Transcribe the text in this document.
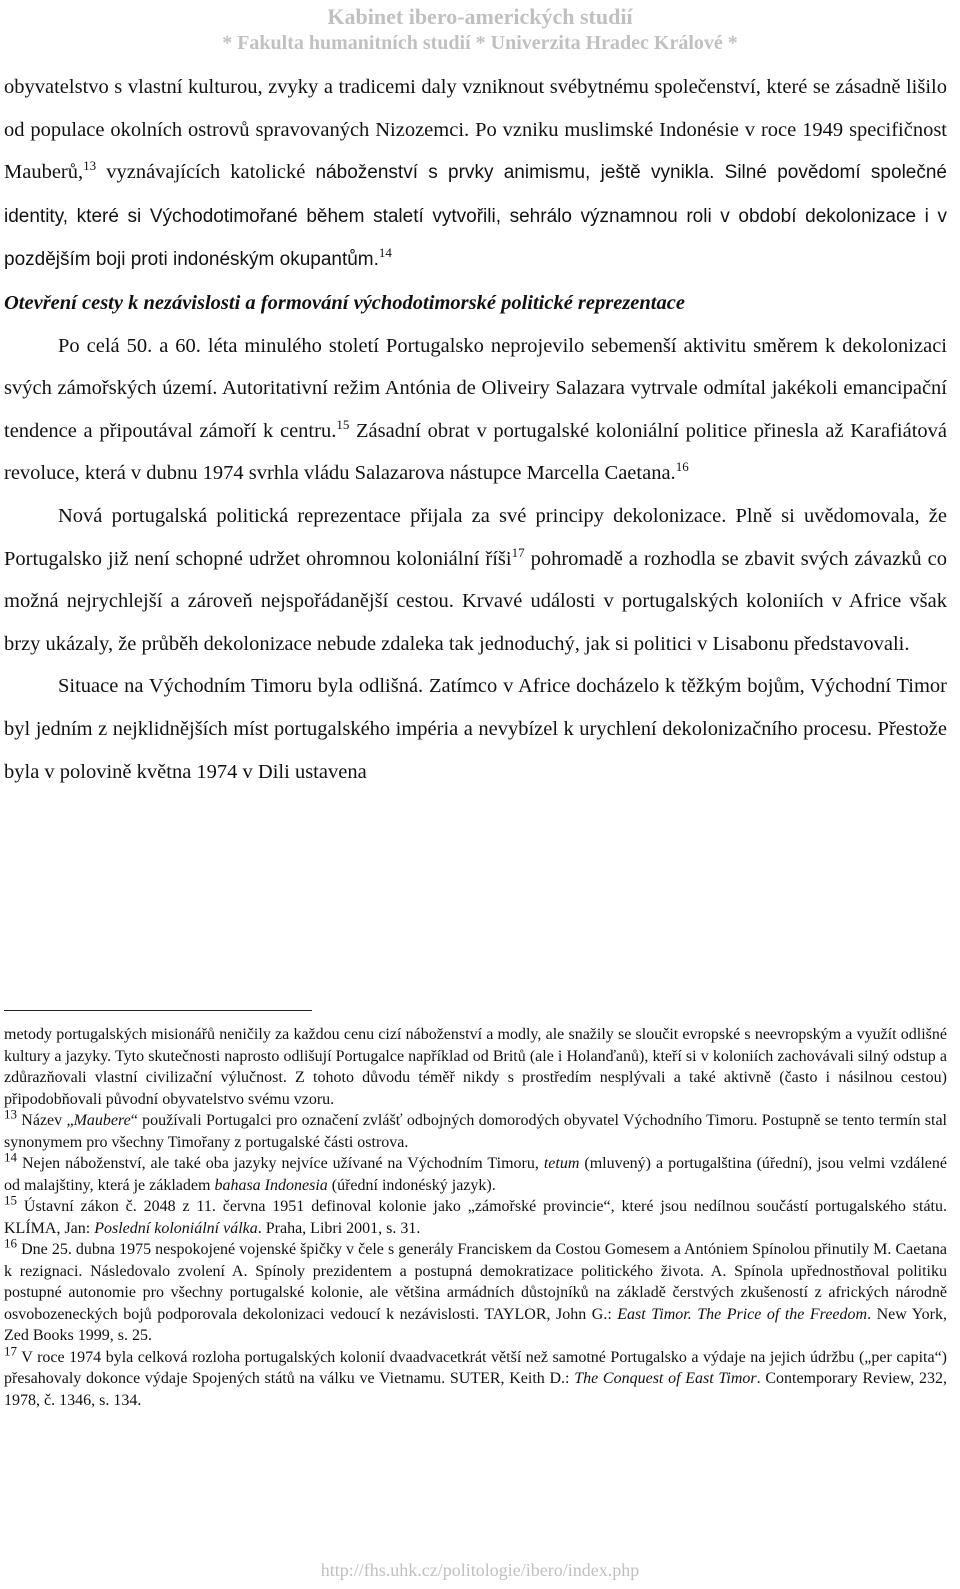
Kabinet ibero-amerických studií
* Fakulta humanitních studií * Univerzita Hradec Králové *

obyvatelstvo s vlastní kulturou, zvyky a tradicemi daly vzniknout svébytnému společenství, které se zásadně lišilo od populace okolních ostrovů spravovaných Nizozemci. Po vzniku muslimské Indonésie v roce 1949 specifičnost Mauberů,$^{13}$ vyznávajících katolické náboženství s prvky animismu, ještě vynikla. Silné povědomí společné identity, které si Východotimořané během staletí vytvořili, sehrálo významnou roli v období dekolonizace i v pozdějším boji proti indonéským okupantům.$^{14}$

Otevření cesty k nezávislosti a formování východotimorské politické reprezentace

Po celá 50. a 60. léta minulého století Portugalsko neprojevilo sebemenší aktivitu směrem k dekolonizaci svých zámořských území. Autoritativní režim Antónia de Oliveiry Salazara vytrvale odmítal jakékoli emancipační tendence a připoutával zámoří k centru.$^{15}$ Zásadní obrat v portugalské koloniální politice přinesla až Karafiátová revoluce, která v dubnu 1974 svrhla vládu Salazarova nástupce Marcella Caetana.$^{16}$

Nová portugalská politická reprezentace přijala za své principy dekolonizace. Plně si uvědomovala, že Portugalsko již není schopné udržet ohromnou koloniální říši$^{17}$ pohromadě a rozhodla se zbavit svých závazků co možná nejrychlejší a zároveň nejspořádanější cestou. Krvavé události v portugalských koloniích v Africe však brzy ukázaly, že průběh dekolonizace nebude zdaleka tak jednoduchý, jak si politici v Lisabonu představovali.

Situace na Východním Timoru byla odlišná. Zatímco v Africe docházelo k těžkým bojům, Východní Timor byl jedním z nejklidnějších míst portugalského impéria a nevybízel k urychlení dekolonizačního procesu. Přestože byla v polovině května 1974 v Dili ustavena

metody portugalských misionářů neničily za každou cenu cizí náboženství a modly, ale snažily se sloučit evropské s neevropským a využít odlišné kultury a jazyky. Tyto skutečnosti naprosto odlišují Portugalce například od Britů (ale i Holanďanů), kteří si v koloniích zachovávali silný odstup a zdůrazňovali vlastní civilizační výlučnost. Z tohoto důvodu téměř nikdy s prostředím nesplývali a také aktivně (často i násilnou cestou) připodobňovali původní obyvatelstvo svému vzoru.

$^{13}$ Název „Maubere“ používali Portugalci pro označení zvlášť odbojných domorodých obyvatel Východního Timoru. Postupně se tento termín stal synonymem pro všechny Timořany z portugalské části ostrova.

$^{14}$ Nejen náboženství, ale také oba jazyky nejvíce užívané na Východním Timoru, tetum (mluvený) a portugalština (úřední), jsou velmi vzdálené od malajštiny, která je základem bahasa Indonesia (úřední indonéský jazyk).

$^{15}$ Ústavní zákon č. 2048 z 11. června 1951 definoval kolonie jako „zámořské provincie“, které jsou nedílnou součástí portugalského státu. KLÍMA, Jan: Poslední koloniální válka. Praha, Libri 2001, s. 31.

$^{16}$ Dne 25. dubna 1975 nespokojené vojenské špičky v čele s generály Franciskem da Costou Gomesem a Antóniem Spínolou přinutily M. Caetana k rezignaci. Následovalo zvolení A. Spínoly prezidentem a postupná demokratizace politického života. A. Spínola upřednostňoval politiku postupné autonomie pro všechny portugalské kolonie, ale většina armádních důstojníků na základě čerstvých zkušeností z afrických národně osvobozeneckých bojů podporovala dekolonizaci vedoucí k nezávislosti. TAYLOR, John G.: East Timor. The Price of the Freedom. New York, Zed Books 1999, s. 25.

$^{17}$ V roce 1974 byla celková rozloha portugalských kolonií dvaadvacetkrát větší než samotné Portugalsko a výdaje na jejich údržbu („per capita“) přesahovaly dokonce výdaje Spojených států na válku ve Vietnamu. SUTER, Keith D.: The Conquest of East Timor. Contemporary Review, 232, 1978, č. 1346, s. 134.

http://fhs.uhk.cz/politologie/ibero/index.php
